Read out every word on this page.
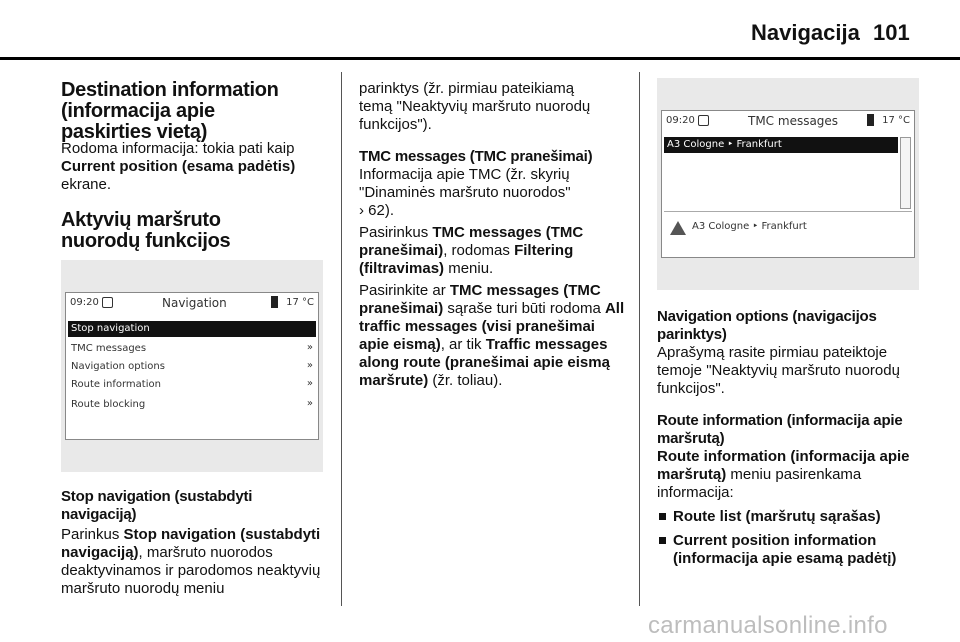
Navigacija 101
Destination information (informacija apie paskirties vietą)
Rodoma informacija: tokia pati kaip
Current position (esama padėtis)
ekrane.
Aktyvių maršruto nuorodų funkcijos
09:20	Navigation	17 °C
Stop navigation
TMC messages	»
Navigation options	»
Route information	»
Route blocking	»
Stop navigation (sustabdyti navigaciją)
Parinkus Stop navigation (sustabdyti navigaciją), maršruto nuorodos deaktyvinamos ir parodomos neaktyvių maršruto nuorodų meniu
parinktys (žr. pirmiau pateikiamą temą "Neaktyvių maršruto nuorodų funkcijos").
TMC messages (TMC pranešimai)
Informacija apie TMC (žr. skyrių "Dinaminės maršruto nuorodos"
› 62).
Pasirinkus TMC messages (TMC pranešimai), rodomas Filtering (filtravimas) meniu.
Pasirinkite ar TMC messages (TMC pranešimai) sąraše turi būti rodoma All traffic messages (visi pranešimai apie eismą), ar tik Traffic messages along route (pranešimai apie eismą maršrute) (žr. toliau).
09:20	TMC messages	17 °C
A3 Cologne ‣ Frankfurt
A3 Cologne ‣ Frankfurt
Navigation options (navigacijos parinktys)
Aprašymą rasite pirmiau pateiktoje temoje "Neaktyvių maršruto nuorodų funkcijos".
Route information (informacija apie maršrutą)
Route information (informacija apie maršrutą) meniu pasirenkama informacija:
Route list (maršrutų sąrašas)
Current position information (informacija apie esamą padėtį)
carmanualsonline.info
